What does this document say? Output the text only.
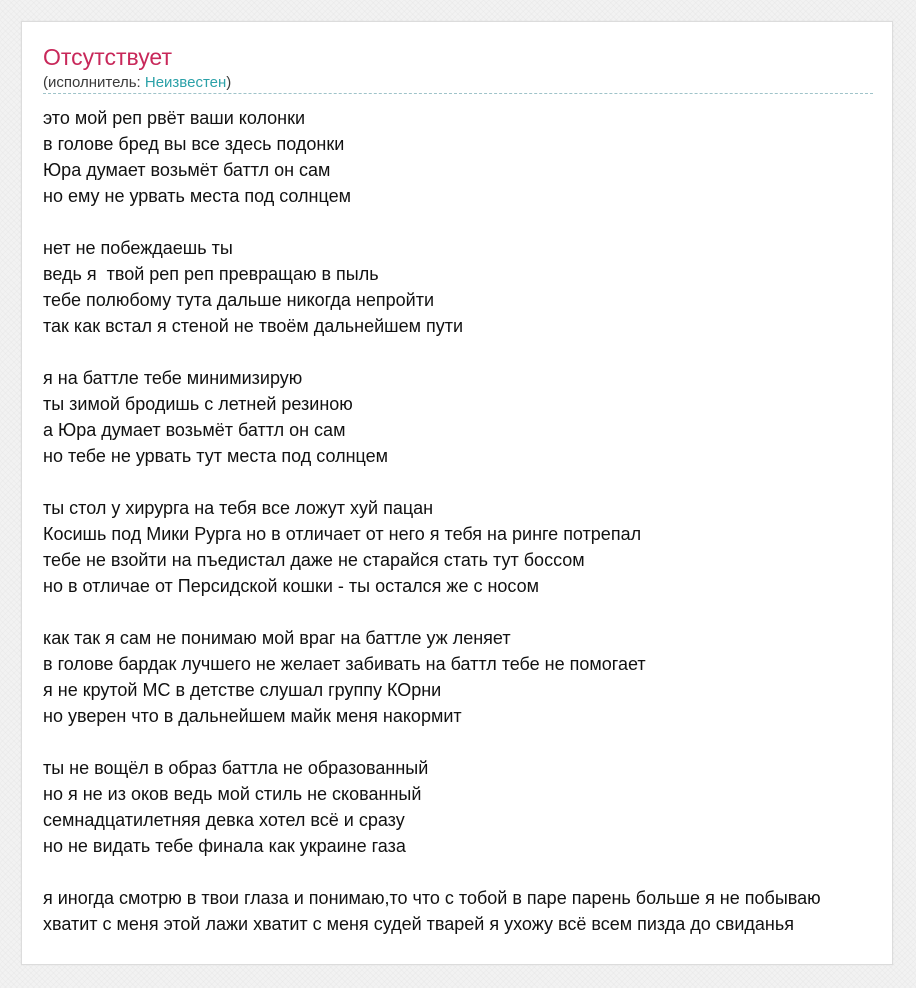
Отсутствует
(исполнитель: Неизвестен)
это мой реп рвёт ваши колонки
в голове бред вы все здесь подонки
Юра думает возьмёт баттл он сам
но ему не урвать места под солнцем
нет не побеждаешь ты
ведь я  твой реп реп превращаю в пыль
тебе полюбому тута дальше никогда непройти
так как встал я стеной не твоём дальнейшем пути
я на баттле тебе минимизирую
ты зимой бродишь с летней резиною
а Юра думает возьмёт баттл он сам
но тебе не урвать тут места под солнцем
ты стол у хирурга на тебя все ложут хуй пацан
Косишь под Мики Рурга но в отличает от него я тебя на ринге потрепал
тебе не взойти на пъедистал даже не старайся стать тут боссом
но в отличае от Персидской кошки - ты остался же с носом
как так я сам не понимаю мой враг на баттле уж леняет
в голове бардак лучшего не желает забивать на баттл тебе не помогает
я не крутой МС в детстве слушал группу КОрни
но уверен что в дальнейшем майк меня накормит
ты не вощёл в образ баттла не образованный
но я не из оков ведь мой стиль не скованный
семнадцатилетняя девка хотел всё и сразу
но не видать тебе финала как украине газа
я иногда смотрю в твои глаза и понимаю,то что с тобой в паре парень больше я не побываю
хватит с меня этой лажи хватит с меня судей тварей я ухожу всё всем пизда до свиданья
